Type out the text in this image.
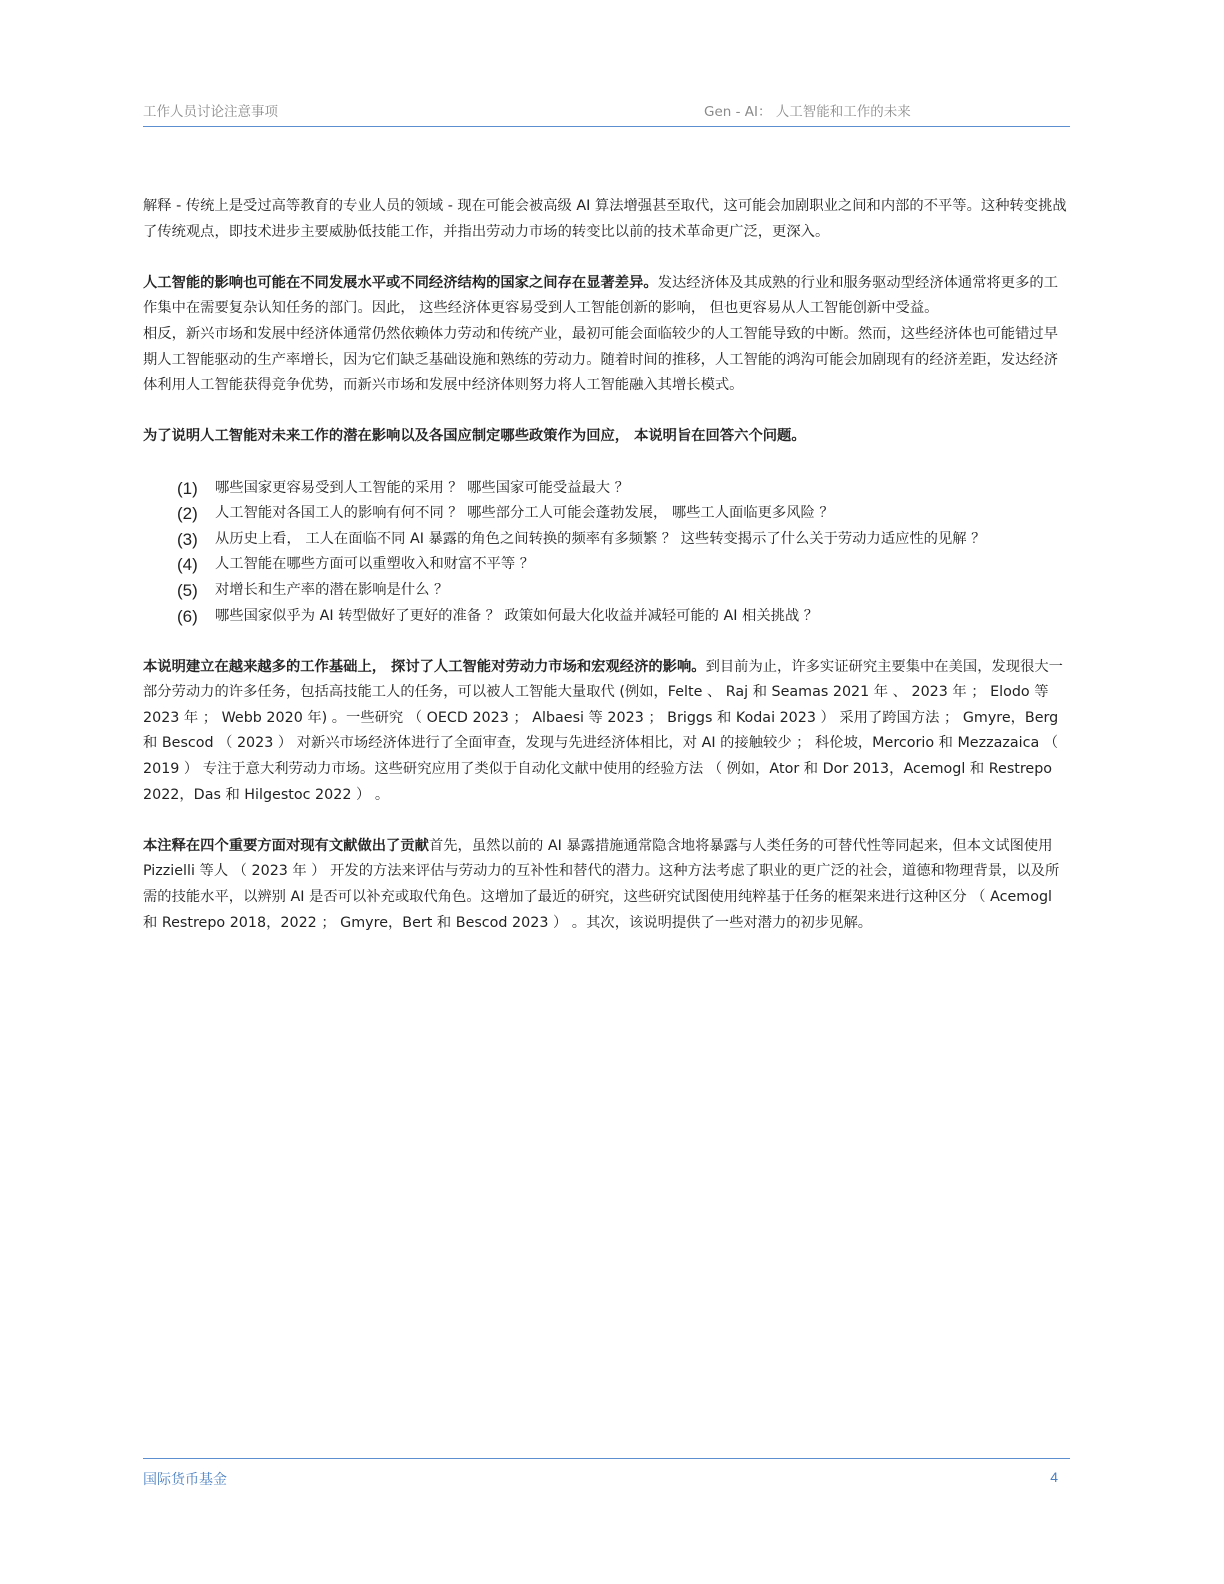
工作人员讨论注意事项	Gen - AI： 人工智能和工作的未来

解释 - 传统上是受过高等教育的专业人员的领域 - 现在可能会被高级 AI 算法增强甚至取代，这可能会加剧职业之间和内部的不平等。这种转变挑战了传统观点，即技术进步主要威胁低技能工作，并指出劳动力市场的转变比以前的技术革命更广泛，更深入。

人工智能的影响也可能在不同发展水平或不同经济结构的国家之间存在显著差异。发达经济体及其成熟的行业和服务驱动型经济体通常将更多的工作集中在需要复杂认知任务的部门。因此， 这些经济体更容易受到人工智能创新的影响， 但也更容易从人工智能创新中受益。

相反，新兴市场和发展中经济体通常仍然依赖体力劳动和传统产业，最初可能会面临较少的人工智能导致的中断。然而，这些经济体也可能错过早期人工智能驱动的生产率增长，因为它们缺乏基础设施和熟练的劳动力。随着时间的推移，人工智能的鸿沟可能会加剧现有的经济差距，发达经济体利用人工智能获得竞争优势，而新兴市场和发展中经济体则努力将人工智能融入其增长模式。

为了说明人工智能对未来工作的潜在影响以及各国应制定哪些政策作为回应， 本说明旨在回答六个问题。

(1) 哪些国家更容易受到人工智能的采用 ？ 哪些国家可能受益最大 ？
(2) 人工智能对各国工人的影响有何不同 ？ 哪些部分工人可能会蓬勃发展， 哪些工人面临更多风险 ？
(3) 从历史上看， 工人在面临不同 AI 暴露的角色之间转换的频率有多频繁 ？ 这些转变揭示了什么关于劳动力适应性的见解 ？
(4) 人工智能在哪些方面可以重塑收入和财富不平等 ？
(5) 对增长和生产率的潜在影响是什么 ？
(6) 哪些国家似乎为 AI 转型做好了更好的准备 ？ 政策如何最大化收益并减轻可能的 AI 相关挑战 ？

本说明建立在越来越多的工作基础上， 探讨了人工智能对劳动力市场和宏观经济的影响。到目前为止，许多实证研究主要集中在美国，发现很大一部分劳动力的许多任务，包括高技能工人的任务，可以被人工智能大量取代 (例如，Felte 、 Raj 和 Seamas 2021 年 、 2023 年 ； Elodo 等 2023 年 ； Webb 2020 年) 。一些研究 （ OECD 2023 ； Albaesi 等 2023 ； Briggs 和 Kodai 2023 ） 采用了跨国方法 ； Gmyre，Berg 和 Bescod （ 2023 ） 对新兴市场经济体进行了全面审查，发现与先进经济体相比，对 AI 的接触较少 ； 科伦坡，Mercorio 和 Mezzazaica （ 2019 ） 专注于意大利劳动力市场。这些研究应用了类似于自动化文献中使用的经验方法 （ 例如，Ator 和 Dor 2013，Acemogl 和 Restrepo 2022，Das 和 Hilgestoc 2022 ） 。

本注释在四个重要方面对现有文献做出了贡献首先，虽然以前的 AI 暴露措施通常隐含地将暴露与人类任务的可替代性等同起来，但本文试图使用 Pizzielli 等人 （ 2023 年 ） 开发的方法来评估与劳动力的互补性和替代的潜力。这种方法考虑了职业的更广泛的社会，道德和物理背景，以及所需的技能水平，以辨别 AI 是否可以补充或取代角色。这增加了最近的研究，这些研究试图使用纯粹基于任务的框架来进行这种区分 （ Acemogl 和 Restrepo 2018，2022 ； Gmyre，Bert 和 Bescod 2023 ） 。其次，该说明提供了一些对潜力的初步见解。

国际货币基金	4
